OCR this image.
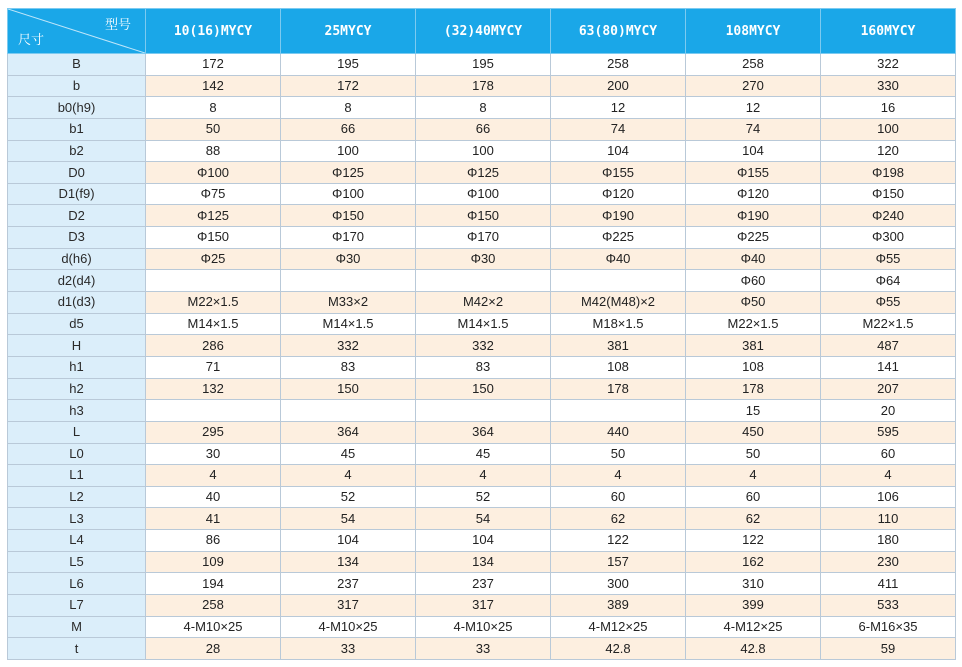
型号
尺寸	10(16)MYCY	25MYCY	(32)40MYCY	63(80)MYCY	108MYCY	160MYCY
B	172	195	195	258	258	322
b	142	172	178	200	270	330
b0(h9)	8	8	8	12	12	16
b1	50	66	66	74	74	100
b2	88	100	100	104	104	120
D0	Φ100	Φ125	Φ125	Φ155	Φ155	Φ198
D1(f9)	Φ75	Φ100	Φ100	Φ120	Φ120	Φ150
D2	Φ125	Φ150	Φ150	Φ190	Φ190	Φ240
D3	Φ150	Φ170	Φ170	Φ225	Φ225	Φ300
d(h6)	Φ25	Φ30	Φ30	Φ40	Φ40	Φ55
d2(d4)					Φ60	Φ64
d1(d3)	M22×1.5	M33×2	M42×2	M42(M48)×2	Φ50	Φ55
d5	M14×1.5	M14×1.5	M14×1.5	M18×1.5	M22×1.5	M22×1.5
H	286	332	332	381	381	487
h1	71	83	83	108	108	141
h2	132	150	150	178	178	207
h3					15	20
L	295	364	364	440	450	595
L0	30	45	45	50	50	60
L1	4	4	4	4	4	4
L2	40	52	52	60	60	106
L3	41	54	54	62	62	110
L4	86	104	104	122	122	180
L5	109	134	134	157	162	230
L6	194	237	237	300	310	411
L7	258	317	317	389	399	533
M	4-M10×25	4-M10×25	4-M10×25	4-M12×25	4-M12×25	6-M16×35
t	28	33	33	42.8	42.8	59
